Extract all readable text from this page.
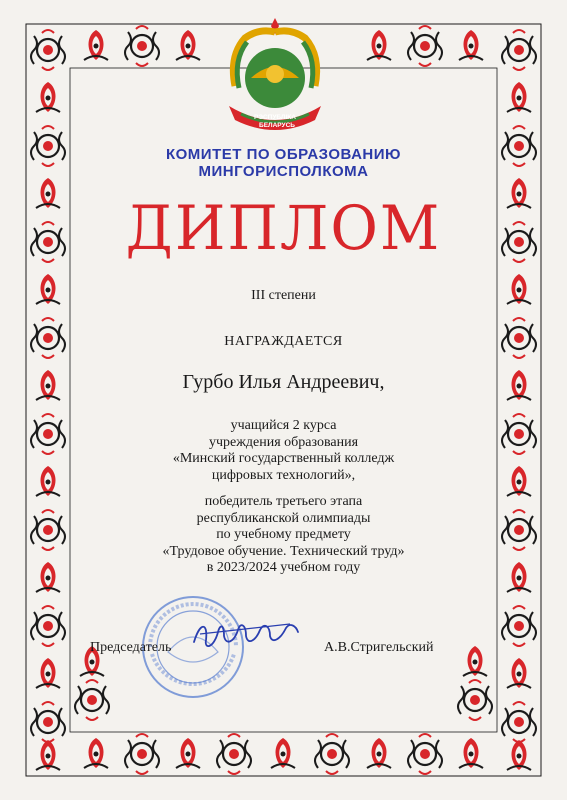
РЭСПУБЛІКА
БЕЛАРУСЬ
КОМИТЕТ ПО ОБРАЗОВАНИЮ
МИНГОРИСПОЛКОМА
ДИПЛОМ
III степени
НАГРАЖДАЕТСЯ
Гурбо Илья Андреевич,
учащийся 2 курса
учреждения образования
«Минский государственный колледж
цифровых технологий»,
победитель третьего этапа
республиканской олимпиады
по учебному предмету
«Трудовое обучение. Технический труд»
в 2023/2024 учебном году
Председатель	А.В.Стригельский
